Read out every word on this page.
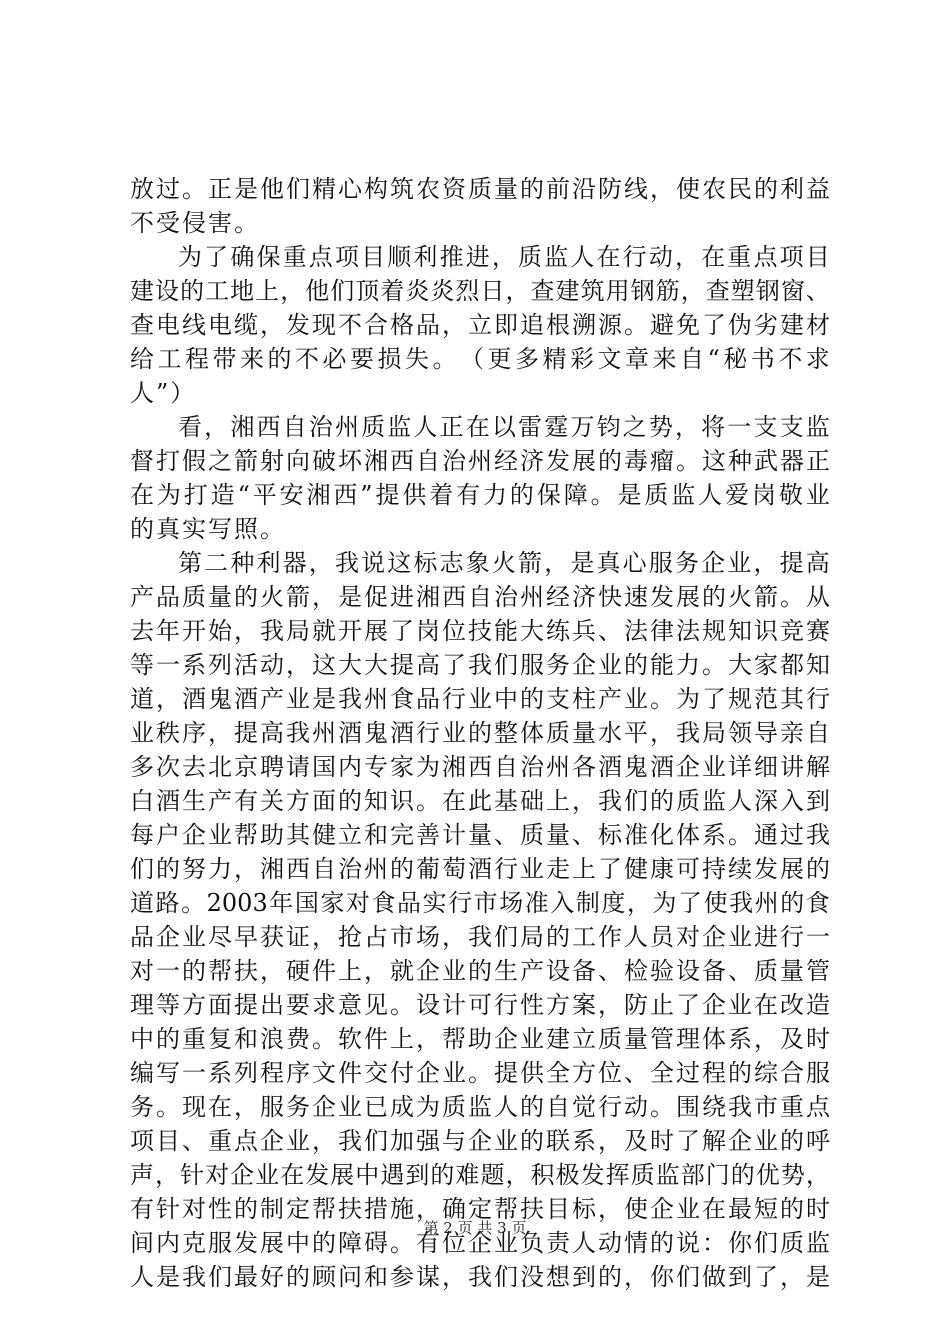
放 过 。 正 是 他 们 精 心 构 筑 农 资 质 量 的 前 沿 防 线 ， 使 农 民 的 利 益
不受侵害。
为 了 确 保 重 点 项 目 顺 利 推 进 ， 质 监 人 在 行 动 ， 在 重 点 项 目
建 设 的 工 地 上 ， 他 们 顶 着 炎 炎 烈 日 ， 查 建 筑 用 钢 筋 ， 查 塑 钢 窗 、
查 电 线 电 缆 ， 发 现 不 合 格 品 ， 立 即 追 根 溯 源 。 避 免 了 伪 劣 建 材
给 工 程 带 来 的 不 必 要 损 失 。 （ 更 多 精 彩 文 章 来 自 “ 秘 书 不 求
人”）
看 ， 湘 西 自 治 州 质 监 人 正 在 以 雷 霆 万 钧 之 势 ， 将 一 支 支 监
督 打 假 之 箭 射 向 破 坏 湘 西 自 治 州 经 济 发 展 的 毒 瘤 。 这 种 武 器 正
在 为 打 造 “ 平 安 湘 西 ” 提 供 着 有 力 的 保 障 。 是 质 监 人 爱 岗 敬 业
的真实写照。
第 二 种 利 器 ， 我 说 这 标 志 象 火 箭 ， 是 真 心 服 务 企 业 ， 提 高
产 品 质 量 的 火 箭 ， 是 促 进 湘 西 自 治 州 经 济 快 速 发 展 的 火 箭 。 从
去 年 开 始 ， 我 局 就 开 展 了 岗 位 技 能 大 练 兵 、 法 律 法 规 知 识 竞 赛
等 一 系 列 活 动 ， 这 大 大 提 高 了 我 们 服 务 企 业 的 能 力 。 大 家 都 知
道 ， 酒 鬼 酒 产 业 是 我 州 食 品 行 业 中 的 支 柱 产 业 。 为 了 规 范 其 行
业 秩 序 ， 提 高 我 州 酒 鬼 酒 行 业 的 整 体 质 量 水 平 ， 我 局 领 导 亲 自
多 次 去 北 京 聘 请 国 内 专 家 为 湘 西 自 治 州 各 酒 鬼 酒 企 业 详 细 讲 解
白 酒 生 产 有 关 方 面 的 知 识 。 在 此 基 础 上 ， 我 们 的 质 监 人 深 入 到
每 户 企 业 帮 助 其 健 立 和 完 善 计 量 、 质 量 、 标 准 化 体 系 。 通 过 我
们 的 努 力 ， 湘 西 自 治 州 的 葡 萄 酒 行 业 走 上 了 健 康 可 持 续 发 展 的
道 路 。 2003 年 国 家 对 食 品 实 行 市 场 准 入 制 度 ， 为 了 使 我 州 的 食
品 企 业 尽 早 获 证 ， 抢 占 市 场 ， 我 们 局 的 工 作 人 员 对 企 业 进 行 一
对 一 的 帮 扶 ， 硬 件 上 ， 就 企 业 的 生 产 设 备 、 检 验 设 备 、 质 量 管
理 等 方 面 提 出 要 求 意 见 。 设 计 可 行 性 方 案 ， 防 止 了 企 业 在 改 造
中 的 重 复 和 浪 费 。 软 件 上 ， 帮 助 企 业 建 立 质 量 管 理 体 系 ， 及 时
编 写 一 系 列 程 序 文 件 交 付 企 业 。 提 供 全 方 位 、 全 过 程 的 综 合 服
务 。 现 在 ， 服 务 企 业 已 成 为 质 监 人 的 自 觉 行 动 。 围 绕 我 市 重 点
项 目 、 重 点 企 业 ， 我 们 加 强 与 企 业 的 联 系 ， 及 时 了 解 企 业 的 呼
声 ， 针 对 企 业 在 发 展 中 遇 到 的 难 题 ， 积 极 发 挥 质 监 部 门 的 优 势 ，
有 针 对 性 的 制 定 帮 扶 措 施 ， 确 定 帮 扶 目 标 ， 使 企 业 在 最 短 的 时
间 内 克 服 发 展 中 的 障 碍 。 有 位 企 业 负 责 人 动 情 的 说 ： 你 们 质 监
人 是 我 们 最 好 的 顾 问 和 参 谋 ， 我 们 没 想 到 的 ， 你 们 做 到 了 ， 是
第 2 页 共 3 页
